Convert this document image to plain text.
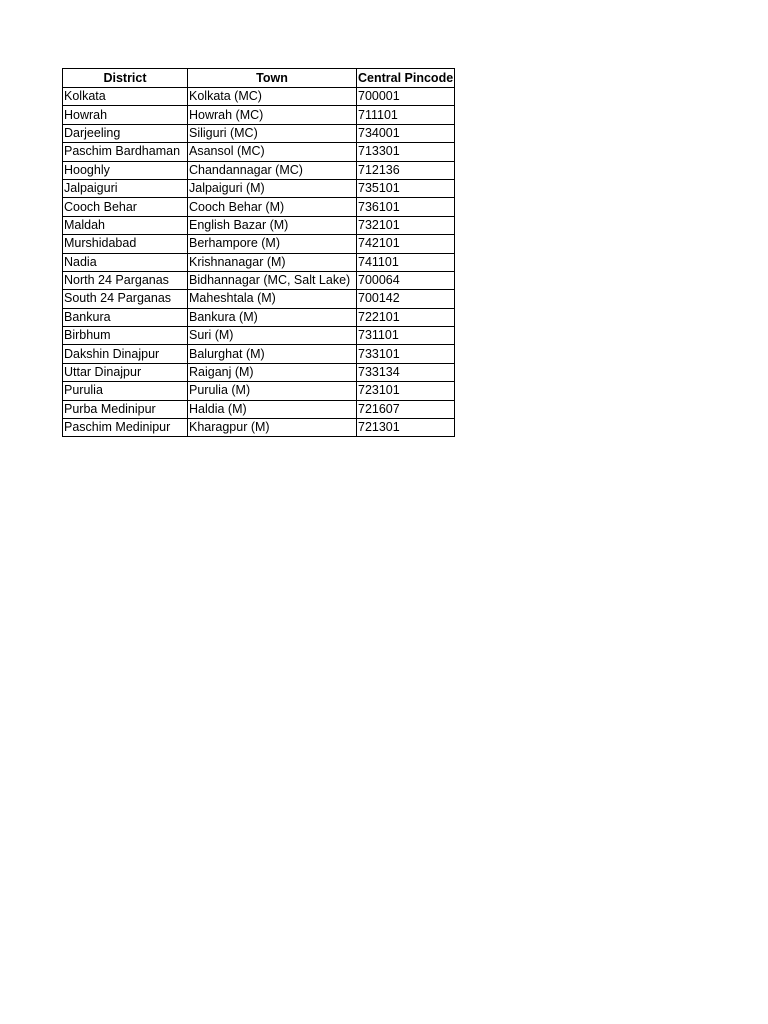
District	Town	Central Pincode
Kolkata	Kolkata (MC)	700001
Howrah	Howrah (MC)	711101
Darjeeling	Siliguri (MC)	734001
Paschim Bardhaman	Asansol (MC)	713301
Hooghly	Chandannagar (MC)	712136
Jalpaiguri	Jalpaiguri (M)	735101
Cooch Behar	Cooch Behar (M)	736101
Maldah	English Bazar (M)	732101
Murshidabad	Berhampore (M)	742101
Nadia	Krishnanagar (M)	741101
North 24 Parganas	Bidhannagar (MC, Salt Lake)	700064
South 24 Parganas	Maheshtala (M)	700142
Bankura	Bankura (M)	722101
Birbhum	Suri (M)	731101
Dakshin Dinajpur	Balurghat (M)	733101
Uttar Dinajpur	Raiganj (M)	733134
Purulia	Purulia (M)	723101
Purba Medinipur	Haldia (M)	721607
Paschim Medinipur	Kharagpur (M)	721301
